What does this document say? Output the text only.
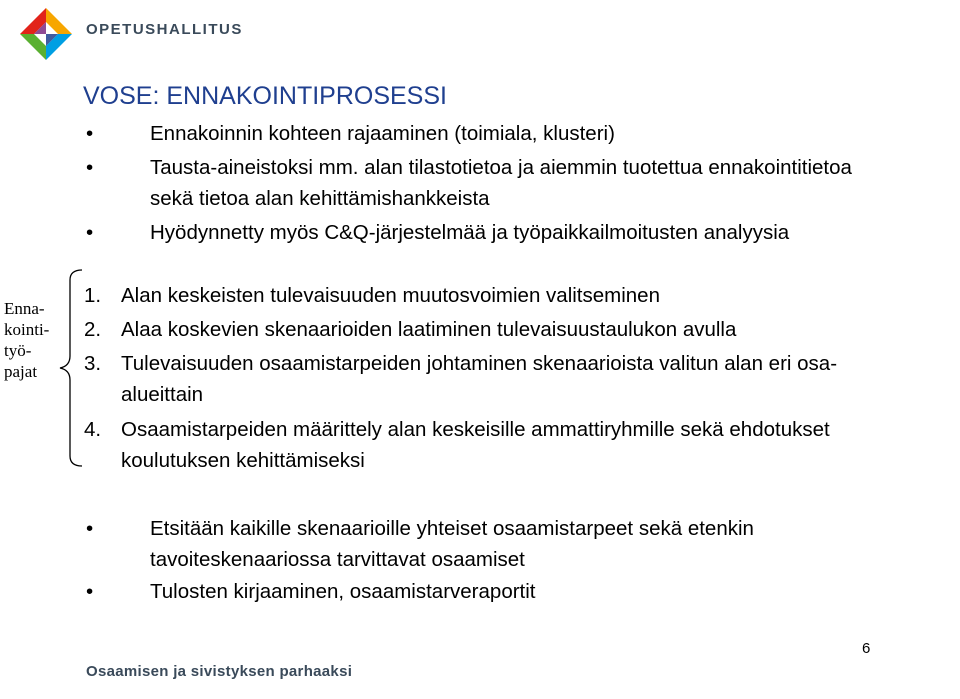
OPETUSHALLITUS
VOSE: ENNAKOINTIPROSESSI
•	Ennakoinnin kohteen rajaaminen (toimiala, klusteri)
•	Tausta-aineistoksi mm. alan tilastotietoa ja aiemmin tuotettua ennakointitietoa sekä tietoa alan kehittämishankkeista
•	Hyödynnetty myös C&Q-järjestelmää ja työpaikkailmoitusten analyysia
1. Alan keskeisten tulevaisuuden muutosvoimien valitseminen
2. Alaa koskevien skenaarioiden laatiminen tulevaisuustaulukon avulla
3. Tulevaisuuden osaamistarpeiden johtaminen skenaarioista valitun alan eri osa-alueittain
4. Osaamistarpeiden määrittely alan keskeisille ammattiryhmille sekä ehdotukset koulutuksen kehittämiseksi
•	Etsitään kaikille skenaarioille yhteiset osaamistarpeet sekä etenkin tavoiteskenaariossa tarvittavat osaamiset
•	Tulosten kirjaaminen, osaamistarveraportit
Enna-
kointi-
työ-
pajat
Osaamisen ja sivistyksen parhaaksi
6
